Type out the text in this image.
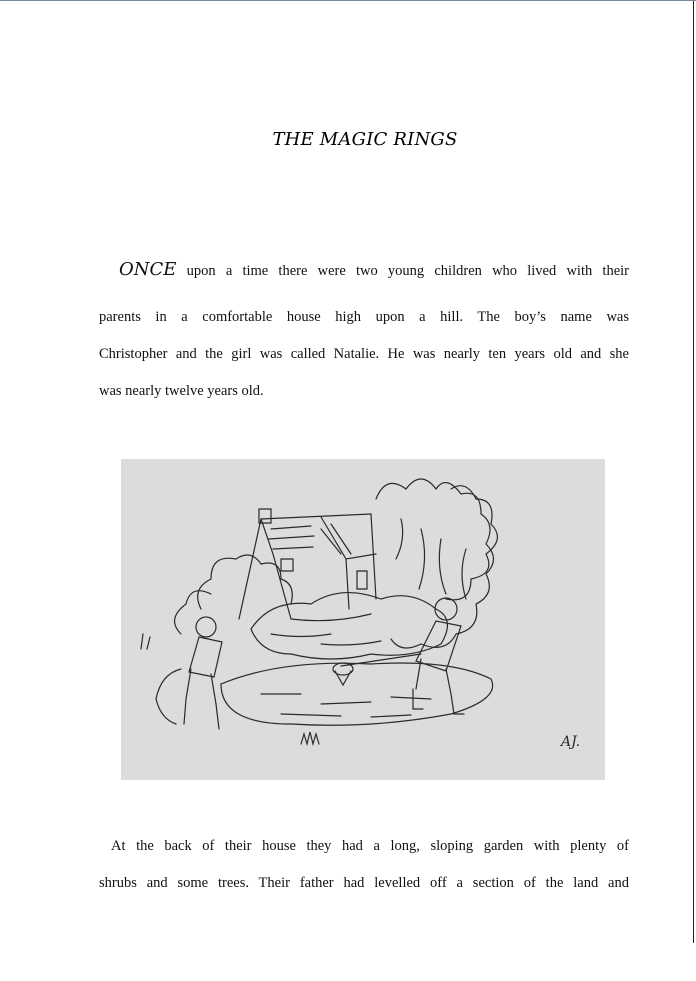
THE MAGIC RINGS
ONCE upon a time there were two young children who lived with their
parents in a comfortable house high upon a hill. The boy’s name was
Christopher and the girl was called Natalie. He was nearly ten years old and she
was nearly twelve years old.
AJ.
At the back of their house they had a long, sloping garden with plenty of
shrubs and some trees. Their father had levelled off a section of the land and
